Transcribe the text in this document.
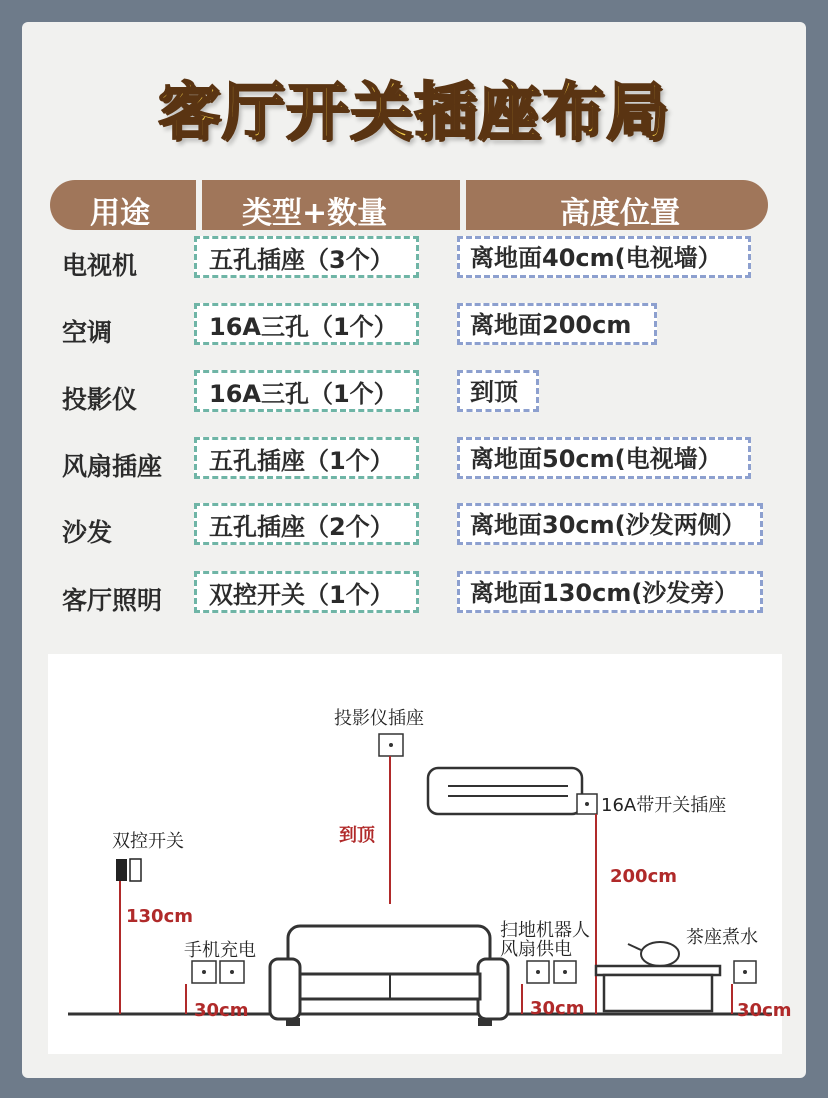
客厅开关插座布局
用途	类型+数量	高度位置
电视机	五孔插座（3个）	离地面40cm(电视墙）
空调	16A三孔（1个）	离地面200cm
投影仪	16A三孔（1个）	到顶
风扇插座	五孔插座（1个）	离地面50cm(电视墙）
沙发	五孔插座（2个）	离地面30cm(沙发两侧）
客厅照明	双控开关（1个）	离地面130cm(沙发旁）
投影仪插座
到顶
16A带开关插座
200cm
双控开关
130cm
手机充电
30cm
扫地机器人
风扇供电
30cm
茶座煮水
30cm
